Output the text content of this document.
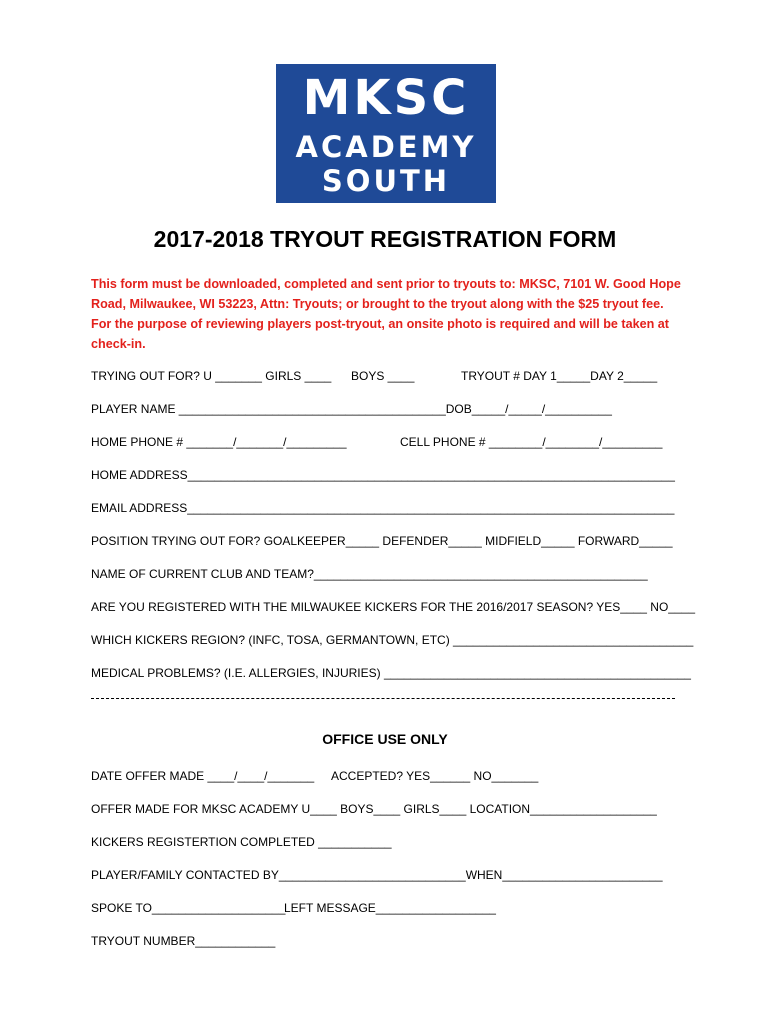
MKSC
ACADEMY
SOUTH
2017-2018 TRYOUT REGISTRATION FORM
This form must be downloaded, completed and sent prior to tryouts to: MKSC, 7101 W. Good Hope
Road, Milwaukee, WI 53223, Attn: Tryouts; or brought to the tryout along with the $25 tryout fee.
For the purpose of reviewing players post-tryout, an onsite photo is required and will be taken at
check-in.
TRYING OUT FOR? U _______ GIRLS ____ BOYS ____	TRYOUT # DAY 1_____DAY 2_____
PLAYER NAME ________________________________________DOB_____/_____/__________
HOME PHONE # _______/_______/_________	CELL PHONE # ________/________/_________
HOME ADDRESS_________________________________________________________________________
EMAIL ADDRESS_________________________________________________________________________
POSITION TRYING OUT FOR? GOALKEEPER_____ DEFENDER_____ MIDFIELD_____ FORWARD_____
NAME OF CURRENT CLUB AND TEAM?__________________________________________________
ARE YOU REGISTERED WITH THE MILWAUKEE KICKERS FOR THE 2016/2017 SEASON? YES____ NO____
WHICH KICKERS REGION? (INFC, TOSA, GERMANTOWN, ETC) ____________________________________
MEDICAL PROBLEMS? (I.E. ALLERGIES, INJURIES) ______________________________________________
OFFICE USE ONLY
DATE OFFER MADE ____/____/_______ ACCEPTED? YES______ NO_______
OFFER MADE FOR MKSC ACADEMY U____ BOYS____ GIRLS____ LOCATION___________________
KICKERS REGISTERTION COMPLETED ___________
PLAYER/FAMILY CONTACTED BY____________________________WHEN________________________
SPOKE TO____________________
LEFT MESSAGE__________________
TRYOUT NUMBER____________
